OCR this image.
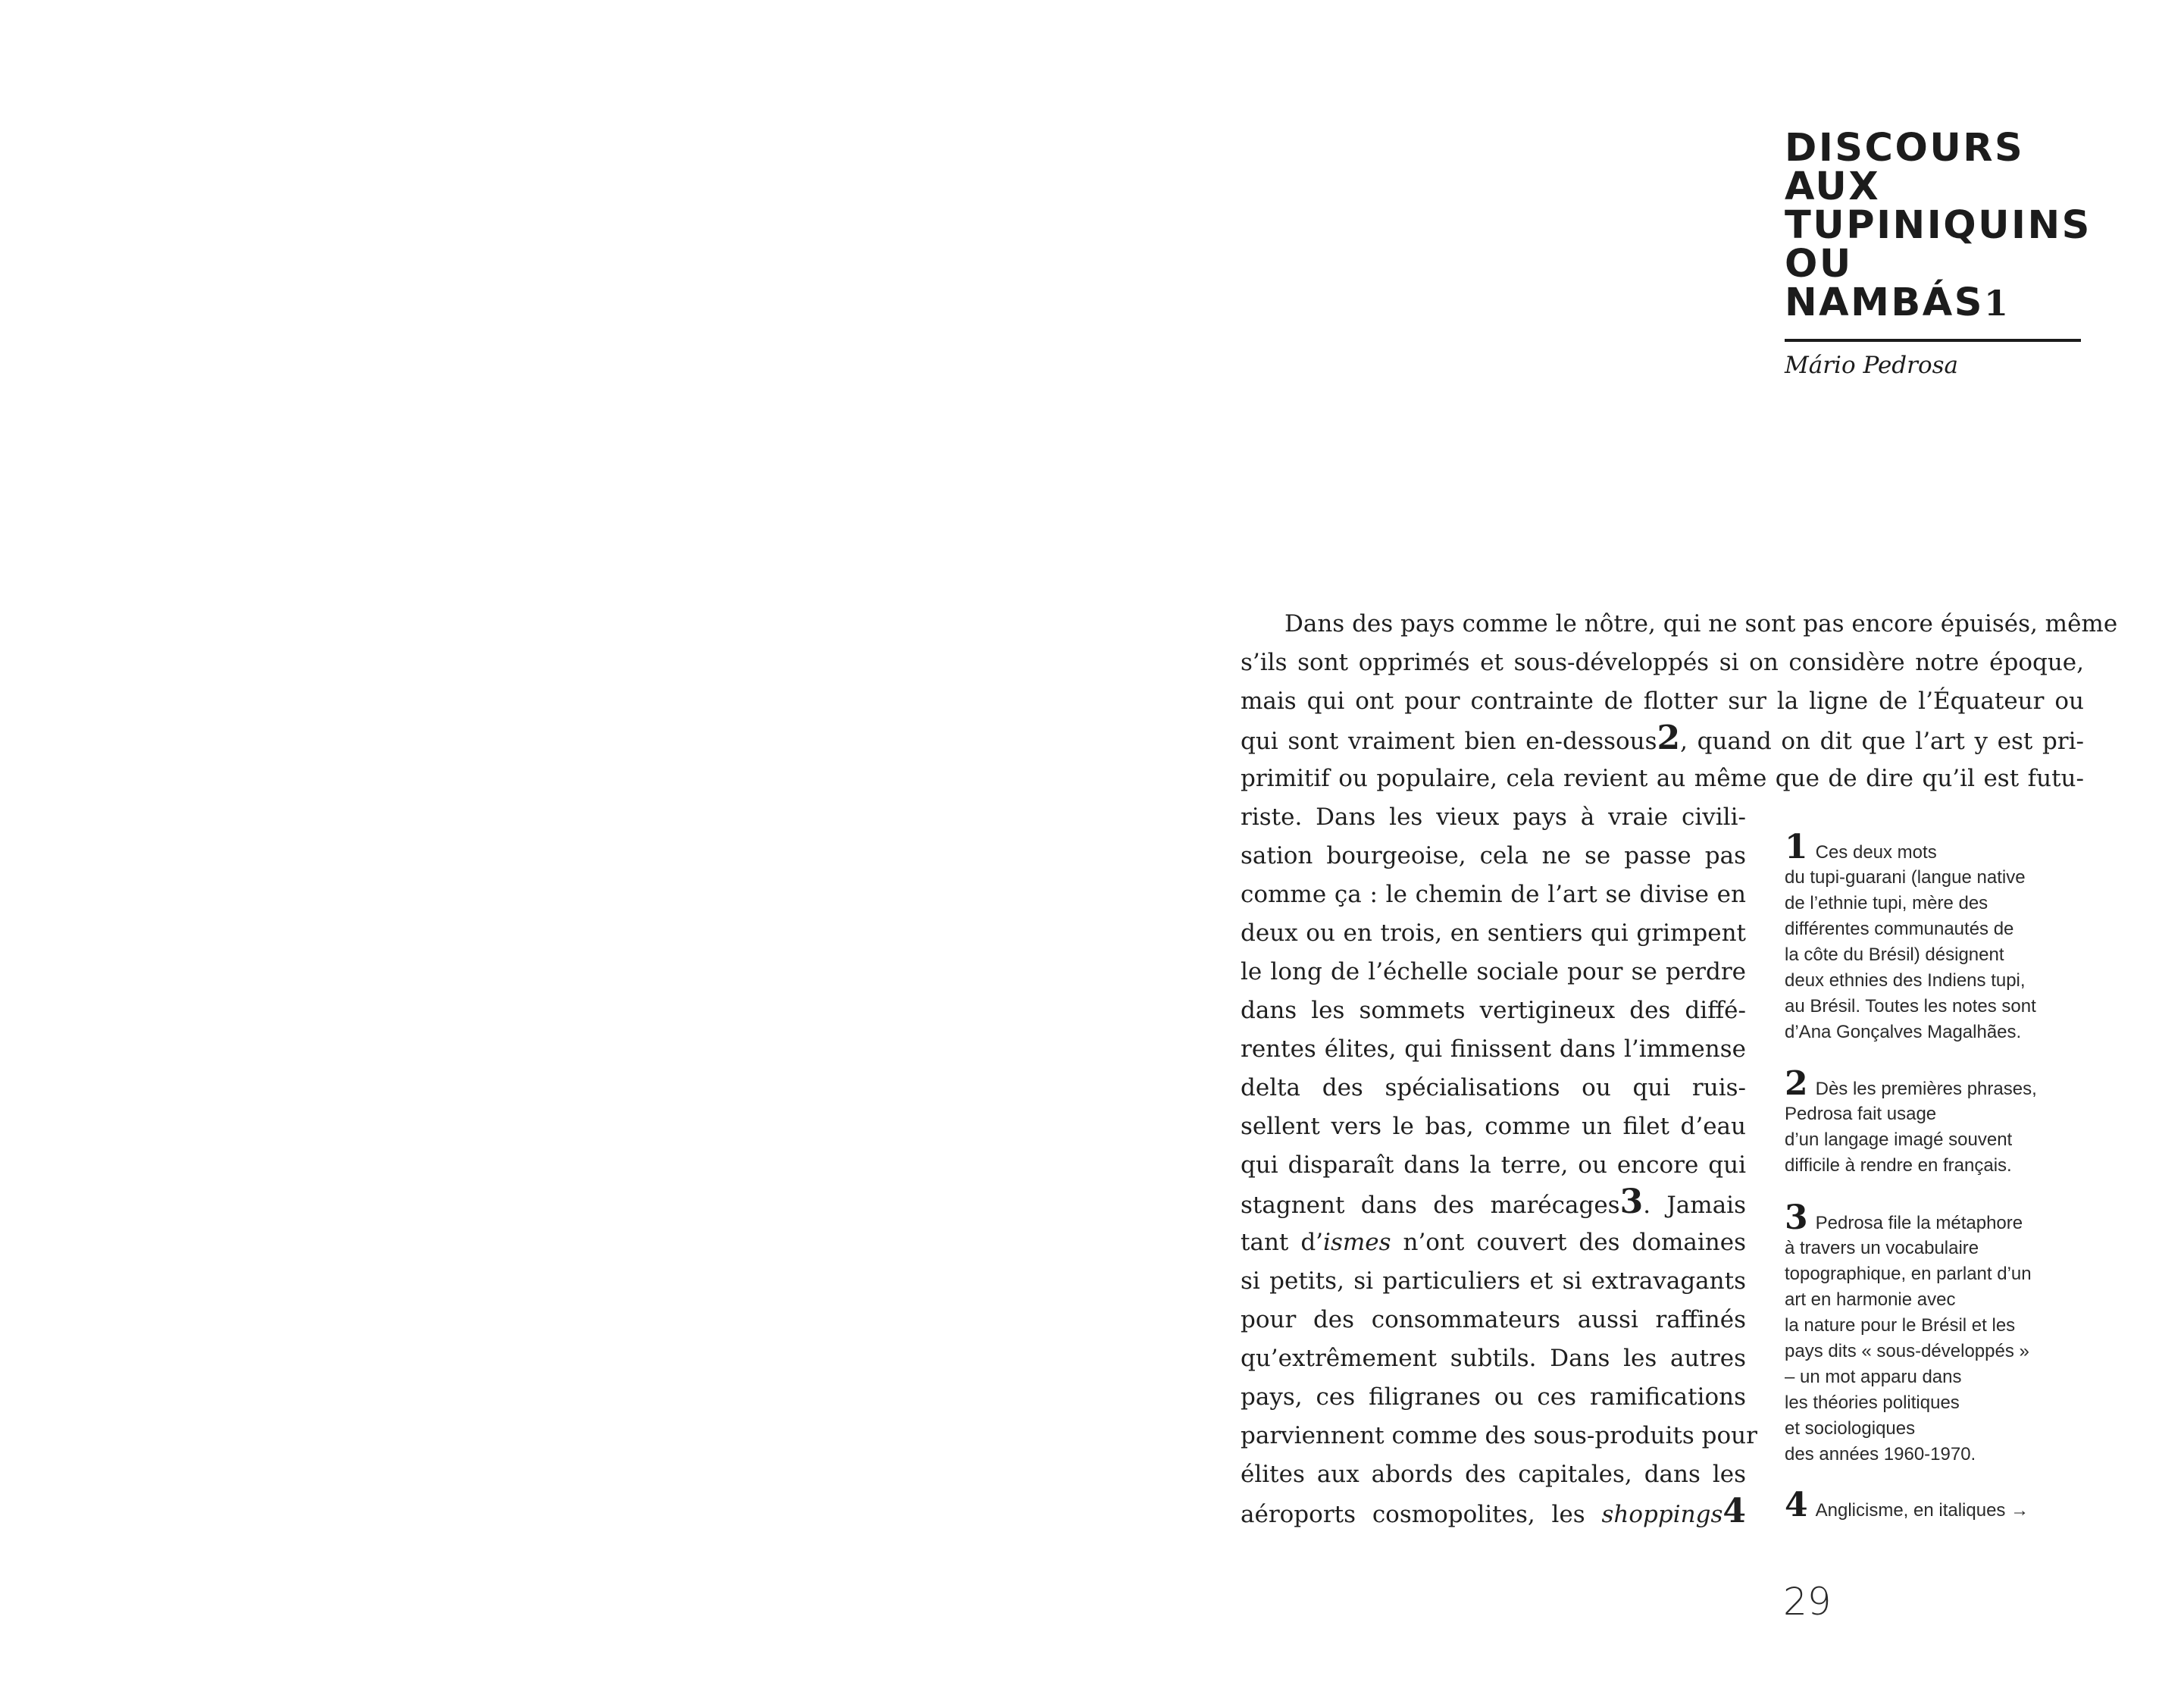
DISCOURS
AUX
TUPINIQUINS
OU
NAMBÁS1
Mário Pedrosa
Dans des pays comme le nôtre, qui ne sont pas encore épuisés, même
s’ils sont opprimés et sous-développés si on considère notre époque,
mais qui ont pour contrainte de flotter sur la ligne de l’Équateur ou
qui sont vraiment bien en-dessous2, quand on dit que l’art y est pri-
primitif ou populaire, cela revient au même que de dire qu’il est futu-
riste. Dans les vieux pays à vraie civili-
sation bourgeoise, cela ne se passe pas
comme ça : le chemin de l’art se divise en
deux ou en trois, en sentiers qui grimpent
le long de l’échelle sociale pour se perdre
dans les sommets vertigineux des diffé-
rentes élites, qui finissent dans l’immense
delta des spécialisations ou qui ruis-
sellent vers le bas, comme un filet d’eau
qui disparaît dans la terre, ou encore qui
stagnent dans des marécages3. Jamais
tant d’ismes n’ont couvert des domaines
si petits, si particuliers et si extravagants
pour des consommateurs aussi raffinés
qu’extrêmement subtils. Dans les autres
pays, ces filigranes ou ces ramifications
parviennent comme des sous-produits pour
élites aux abords des capitales, dans les
aéroports cosmopolites, les shoppings4
1 Ces deux mots
du tupi-guarani (langue native
de l’ethnie tupi, mère des
différentes communautés de
la côte du Brésil) désignent
deux ethnies des Indiens tupi,
au Brésil. Toutes les notes sont
d’Ana Gonçalves Magalhães.
2 Dès les premières phrases,
Pedrosa fait usage
d’un langage imagé souvent
difficile à rendre en français.
3 Pedrosa file la métaphore
à travers un vocabulaire
topographique, en parlant d’un
art en harmonie avec
la nature pour le Brésil et les
pays dits « sous-développés »
– un mot apparu dans
les théories politiques
et sociologiques
des années 1960-1970.
4 Anglicisme, en italiques →
29
